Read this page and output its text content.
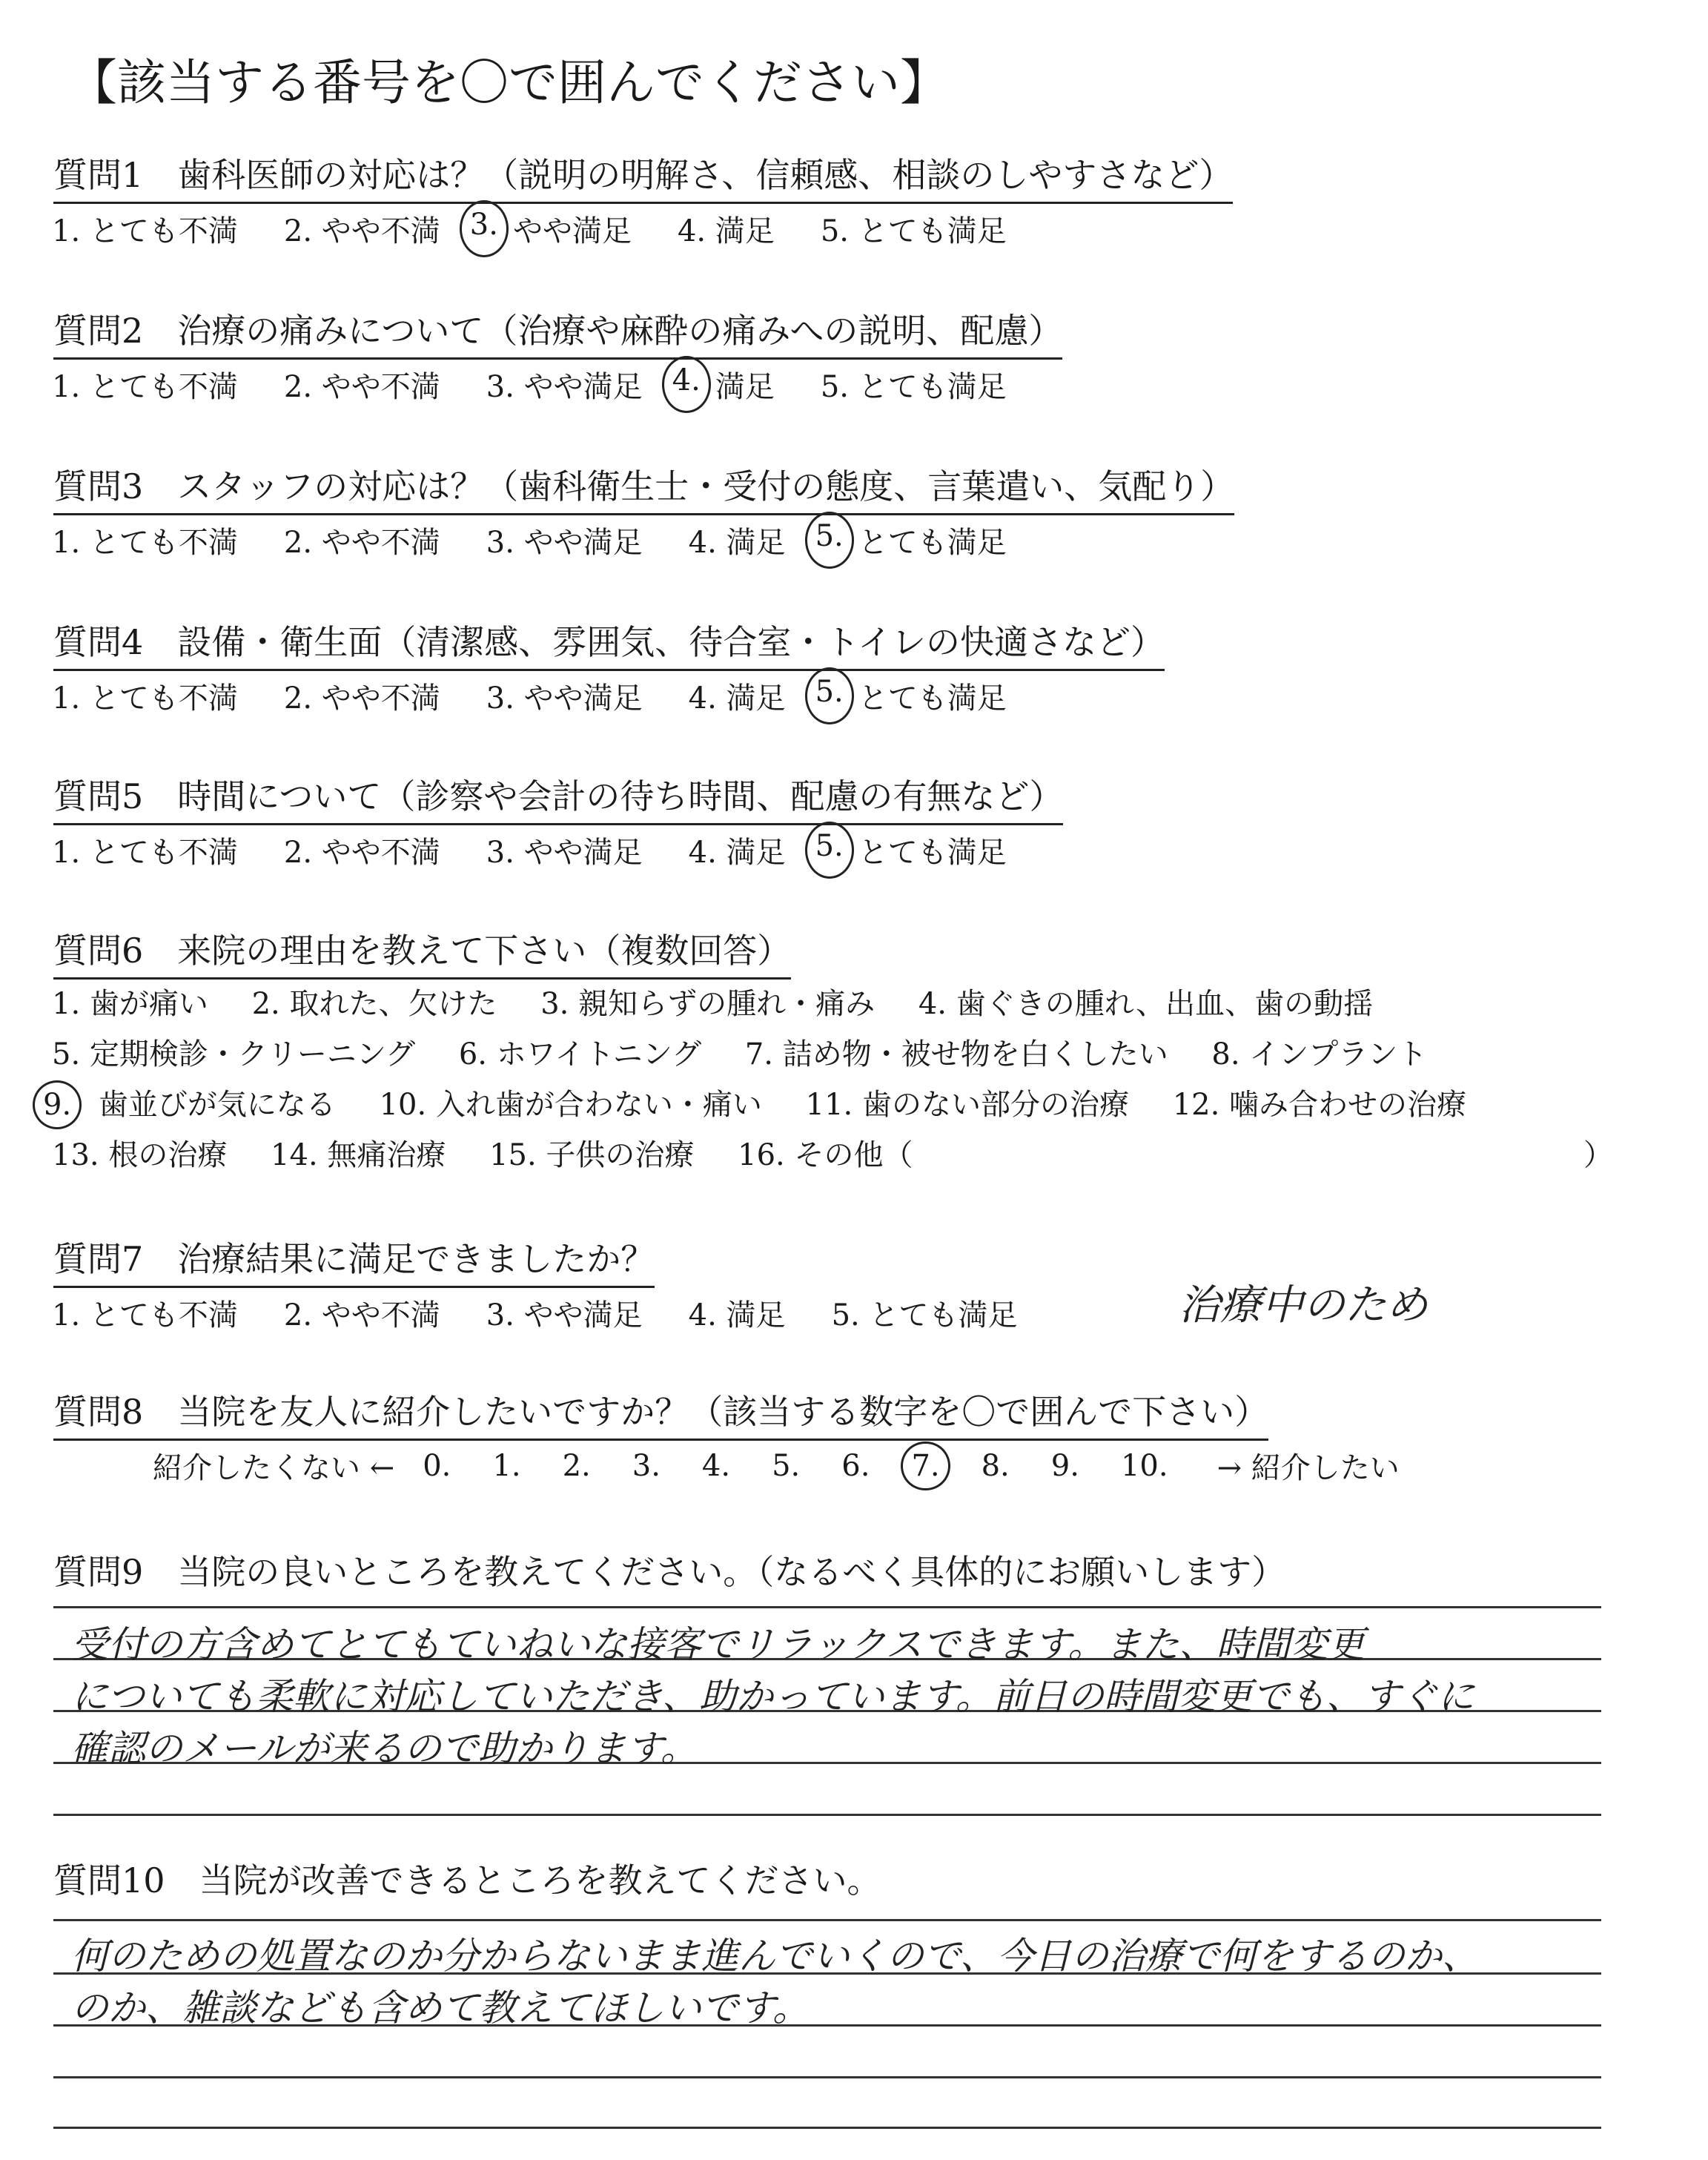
【該当する番号を〇で囲んでください】
質問1　歯科医師の対応は？（説明の明解さ、信頼感、相談のしやすさなど）
1. とても不満 2. やや不満 3. やや満足 4. 満足 5. とても満足
質問2　治療の痛みについて（治療や麻酔の痛みへの説明、配慮）
1. とても不満 2. やや不満 3. やや満足 4. 満足 5. とても満足
質問3　スタッフの対応は？（歯科衛生士・受付の態度、言葉遣い、気配り）
1. とても不満 2. やや不満 3. やや満足 4. 満足 5. とても満足
質問4　設備・衛生面（清潔感、雰囲気、待合室・トイレの快適さなど）
1. とても不満 2. やや不満 3. やや満足 4. 満足 5. とても満足
質問5　時間について（診察や会計の待ち時間、配慮の有無など）
1. とても不満 2. やや不満 3. やや満足 4. 満足 5. とても満足
質問6　来院の理由を教えて下さい（複数回答）
1. 歯が痛い 2. 取れた、欠けた 3. 親知らずの腫れ・痛み 4. 歯ぐきの腫れ、出血、歯の動揺
5. 定期検診・クリーニング 6. ホワイトニング 7. 詰め物・被せ物を白くしたい 8. インプラント
9. 歯並びが気になる 10. 入れ歯が合わない・痛い 11. 歯のない部分の治療 12. 噛み合わせの治療
13. 根の治療 14. 無痛治療 15. 子供の治療 16. その他（	）
質問7　治療結果に満足できましたか？
1. とても不満 2. やや不満 3. やや満足 4. 満足 5. とても満足	治療中のため
質問8　当院を友人に紹介したいですか？（該当する数字を〇で囲んで下さい）
紹介したくない ← 0. 1. 2. 3. 4. 5. 6. 7. 8. 9. 10.	→ 紹介したい
質問9　当院の良いところを教えてください。（なるべく具体的にお願いします）
受付の方含めてとてもていねいな接客でリラックスできます。また、時間変更
についても柔軟に対応していただき、助かっています。前日の時間変更でも、すぐに
確認のメールが来るので助かります。
質問10　当院が改善できるところを教えてください。
何のための処置なのか分からないまま進んでいくので、今日の治療で何をするのか、
のか、雑談なども含めて教えてほしいです。
